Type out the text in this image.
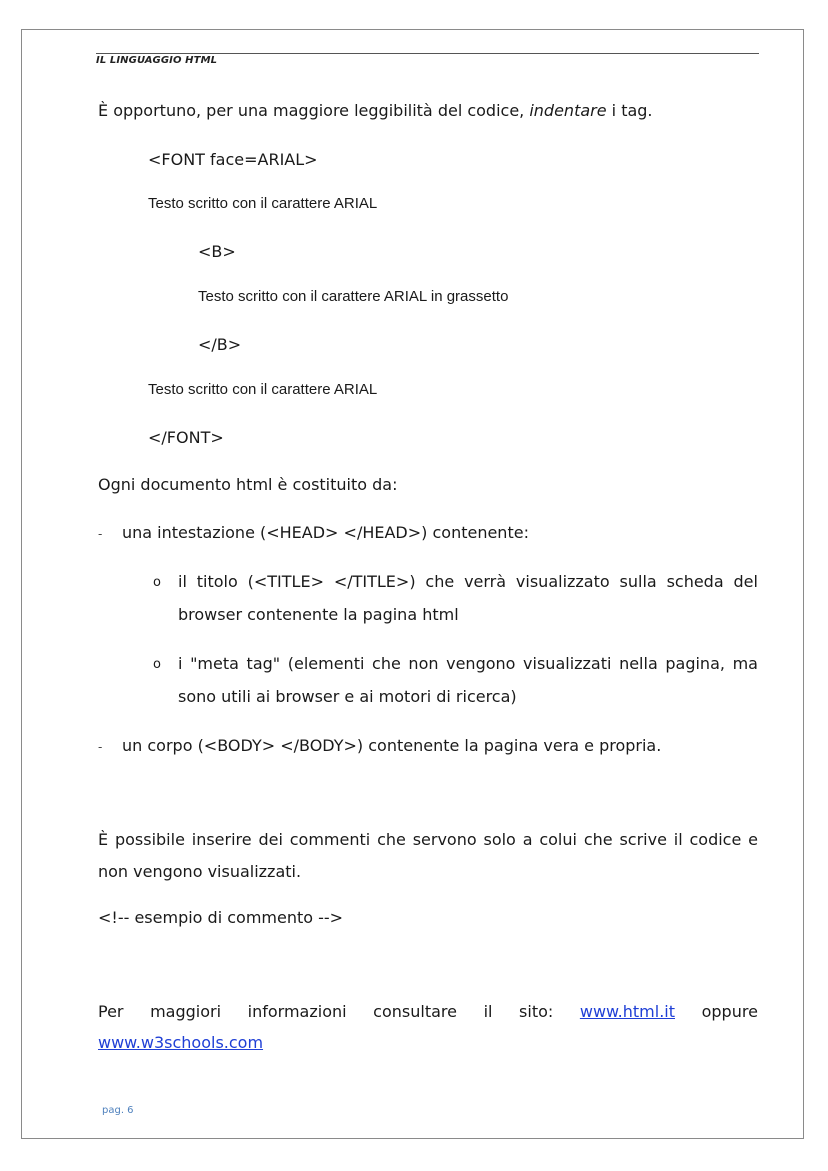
IL LINGUAGGIO HTML
È opportuno, per una maggiore leggibilità del codice, indentare i tag.
<FONT face=ARIAL>
Testo scritto con il carattere ARIAL
<B>
Testo scritto con il carattere ARIAL in grassetto
</B>
Testo scritto con il carattere ARIAL
</FONT>
Ogni documento html è costituito da:
- una intestazione (<HEAD> </HEAD>) contenente:
o il titolo (<TITLE> </TITLE>) che verrà visualizzato sulla scheda del
browser contenente la pagina html
o i "meta tag" (elementi che non vengono visualizzati nella pagina, ma
sono utili ai browser e ai motori di ricerca)
- un corpo (<BODY> </BODY>) contenente la pagina vera e propria.
È possibile inserire dei commenti che servono solo a colui che scrive il codice e
non vengono visualizzati.
<!-- esempio di commento -->
Per maggiori informazioni consultare il sito: www.html.it oppure
www.w3schools.com
pag. 6
